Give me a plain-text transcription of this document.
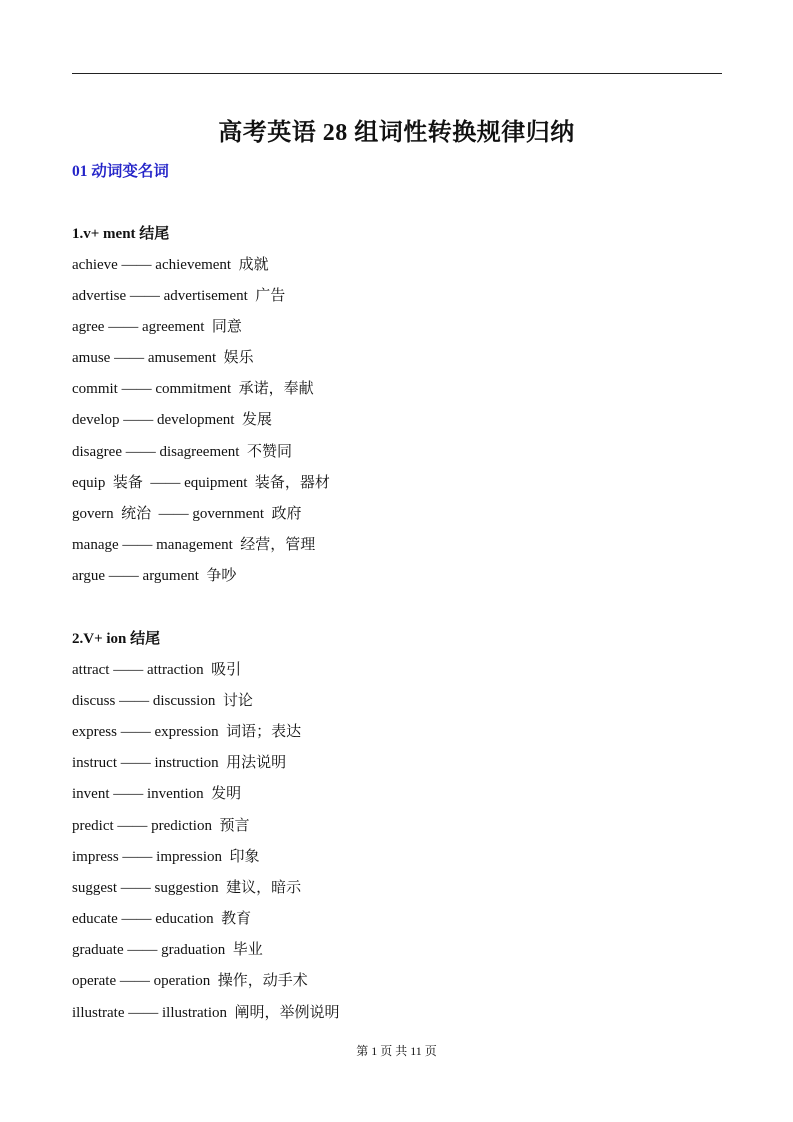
高考英语 28 组词性转换规律归纳
01 动词变名词
1.v+ ment 结尾
achieve —— achievement  成就
advertise —— advertisement  广告
agree —— agreement  同意
amuse —— amusement  娱乐
commit —— commitment  承诺，奉献
develop —— development  发展
disagree —— disagreement  不赞同
equip  装备  —— equipment  装备，器材
govern  统治  —— government  政府
manage —— management  经营，管理
argue —— argument  争吵
2.V+ ion 结尾
attract —— attraction  吸引
discuss —— discussion  讨论
express —— expression  词语；表达
instruct —— instruction  用法说明
invent —— invention  发明
predict —— prediction  预言
impress —— impression  印象
suggest —— suggestion  建议，暗示
educate —— education  教育
graduate —— graduation  毕业
operate —— operation  操作，动手术
illustrate —— illustration  阐明，举例说明
第 1 页 共 11 页
